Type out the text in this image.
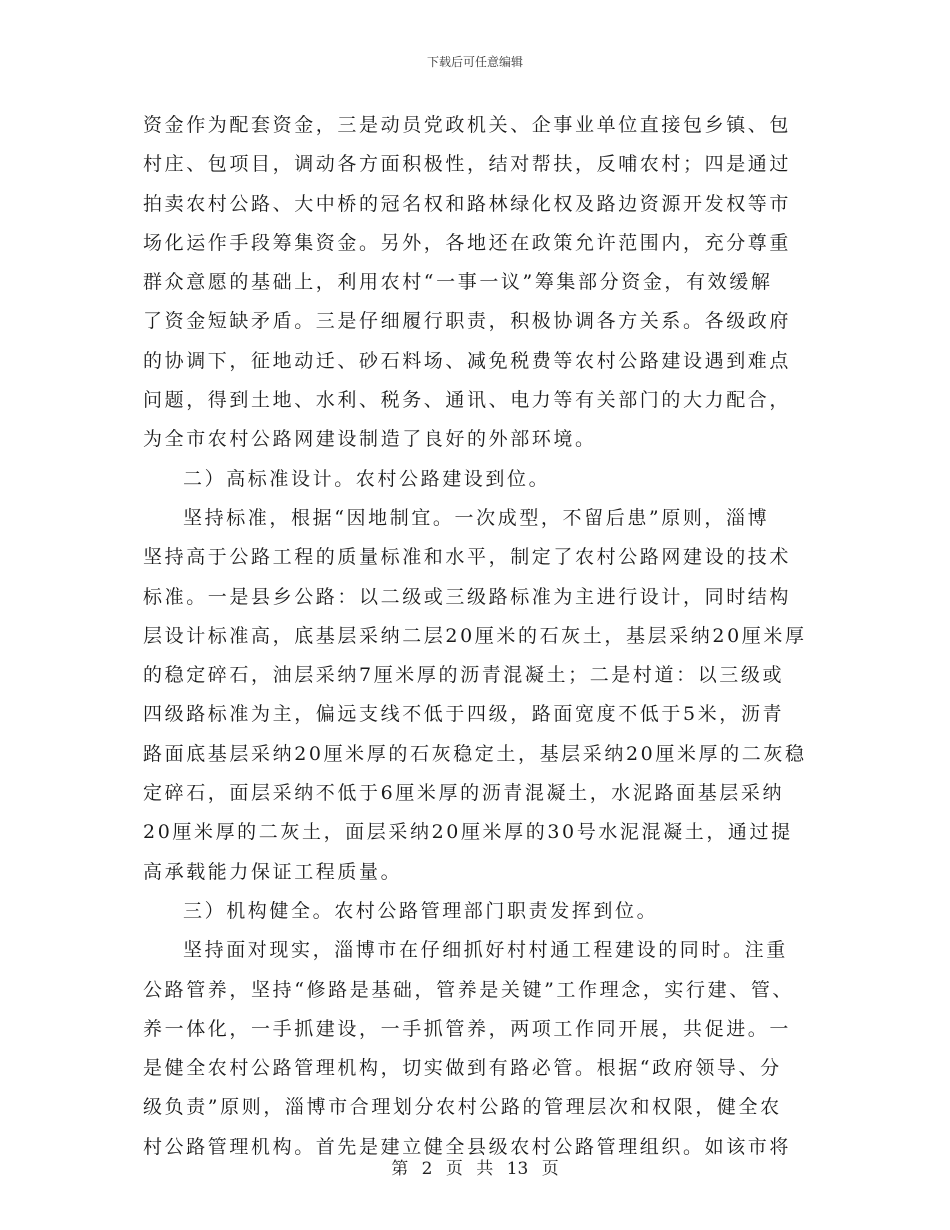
下载后可任意编辑
资金作为配套资金，三是动员党政机关、企事业单位直接包乡镇、包
村庄、包项目，调动各方面积极性，结对帮扶，反哺农村；四是通过
拍卖农村公路、大中桥的冠名权和路林绿化权及路边资源开发权等市
场化运作手段筹集资金。另外，各地还在政策允许范围内，充分尊重
群众意愿的基础上，利用农村“一事一议”筹集部分资金，有效缓解
了资金短缺矛盾。三是仔细履行职责，积极协调各方关系。各级政府
的协调下，征地动迁、砂石料场、减免税费等农村公路建设遇到难点
问题，得到土地、水利、税务、通讯、电力等有关部门的大力配合，
为全市农村公路网建设制造了良好的外部环境。
二）高标准设计。农村公路建设到位。
坚持标准，根据“因地制宜。一次成型，不留后患”原则，淄博
坚持高于公路工程的质量标准和水平，制定了农村公路网建设的技术
标准。一是县乡公路：以二级或三级路标准为主进行设计，同时结构
层设计标准高，底基层采纳二层20厘米的石灰土，基层采纳20厘米厚
的稳定碎石，油层采纳7厘米厚的沥青混凝土；二是村道：以三级或
四级路标准为主，偏远支线不低于四级，路面宽度不低于5米，沥青
路面底基层采纳20厘米厚的石灰稳定土，基层采纳20厘米厚的二灰稳
定碎石，面层采纳不低于6厘米厚的沥青混凝土，水泥路面基层采纳
20厘米厚的二灰土，面层采纳20厘米厚的30号水泥混凝土，通过提
高承载能力保证工程质量。
三）机构健全。农村公路管理部门职责发挥到位。
坚持面对现实，淄博市在仔细抓好村村通工程建设的同时。注重
公路管养，坚持“修路是基础，管养是关键”工作理念，实行建、管、
养一体化，一手抓建设，一手抓管养，两项工作同开展，共促进。一
是健全农村公路管理机构，切实做到有路必管。根据“政府领导、分
级负责”原则，淄博市合理划分农村公路的管理层次和权限，健全农
村公路管理机构。首先是建立健全县级农村公路管理组织。如该市将
第 2 页 共 13 页
